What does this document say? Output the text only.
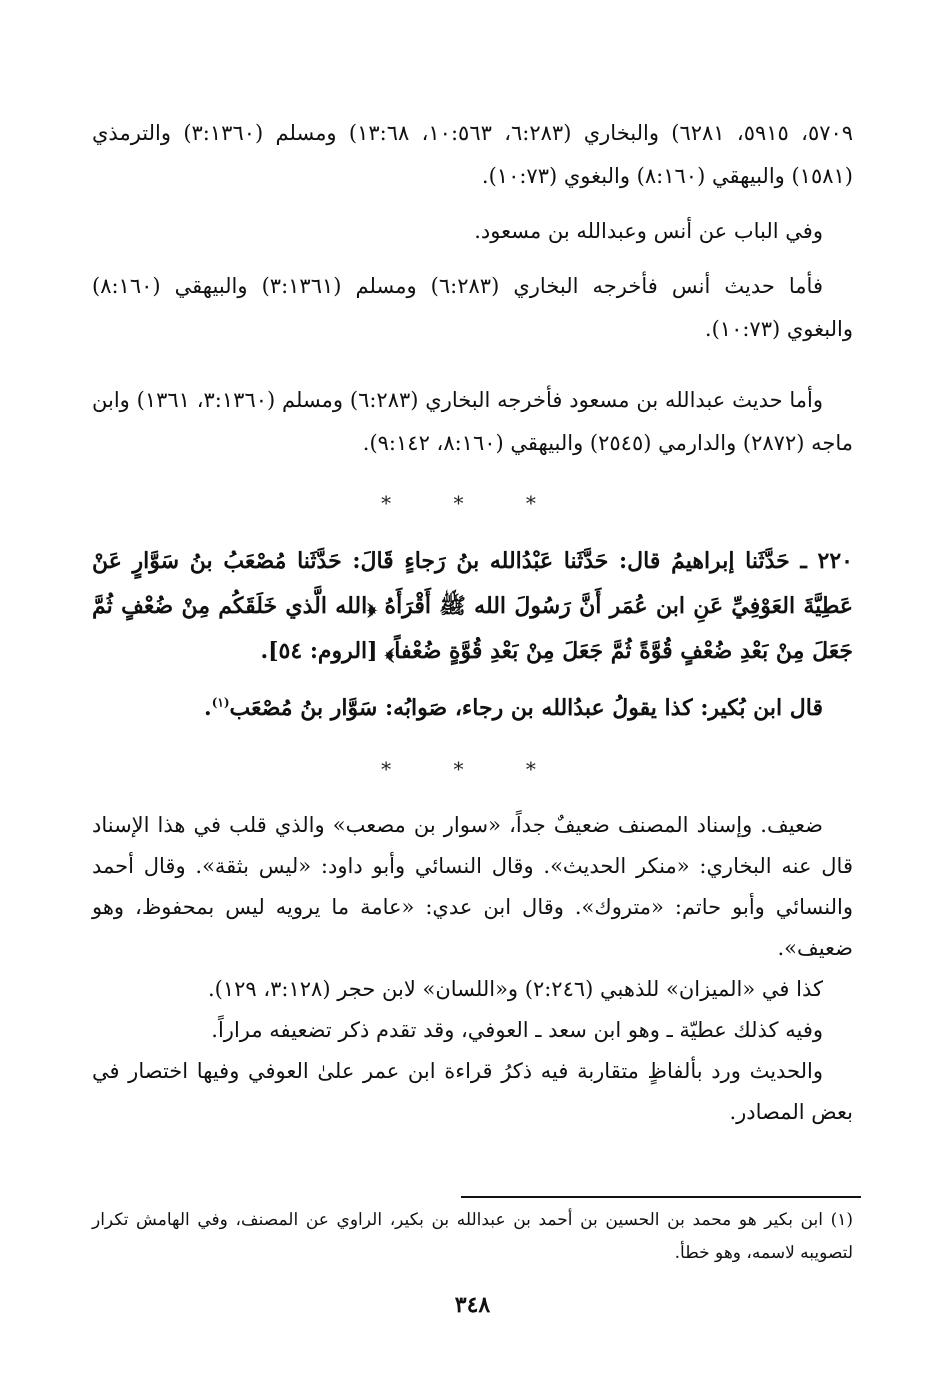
٥٧٠٩، ٥٩١٥، ٦٢٨١) والبخاري (٦:٢٨٣، ١٠:٥٦٣، ١٣:٦٨) ومسلم (٣:١٣٦٠) والترمذي (١٥٨١) والبيهقي (٨:١٦٠) والبغوي (١٠:٧٣).

وفي الباب عن أنس وعبدالله بن مسعود.

فأما حديث أنس فأخرجه البخاري (٦:٢٨٣) ومسلم (٣:١٣٦١) والبيهقي (٨:١٦٠) والبغوي (١٠:٧٣).

وأما حديث عبدالله بن مسعود فأخرجه البخاري (٦:٢٨٣) ومسلم (٣:١٣٦٠، ١٣٦١) وابن ماجه (٢٨٧٢) والدارمي (٢٥٤٥) والبيهقي (٨:١٦٠، ٩:١٤٢).

* * *

٢٢٠ ـ حَدَّثَنا إبراهيمُ قال: حَدَّثَنا عَبْدُالله بنُ رَجاءٍ قَالَ: حَدَّثَنا مُصْعَبُ بنُ سَوَّارٍ عَنْ عَطِيَّةَ العَوْفِيِّ عَنِ ابن عُمَر أَنَّ رَسُولَ الله ﷺ أَقْرَأَهُ ﴿الله الَّذي خَلَقَكُم مِنْ ضُعْفٍ ثُمَّ جَعَلَ مِنْ بَعْدِ ضُعْفٍ قُوَّةً ثُمَّ جَعَلَ مِنْ بَعْدِ قُوَّةٍ ضُعْفاً﴾ [الروم: ٥٤].

قال ابن بُكير: كذا يقولُ عبدُالله بن رجاء، صَوابُه: سَوَّار بنُ مُصْعَب$^{(١)}$.

* * *

ضعيف. وإسناد المصنف ضعيفٌ جداً، «سوار بن مصعب» والذي قلب في هذا الإسناد قال عنه البخاري: «منكر الحديث». وقال النسائي وأبو داود: «ليس بثقة». وقال أحمد والنسائي وأبو حاتم: «متروك». وقال ابن عدي: «عامة ما يرويه ليس بمحفوظ، وهو ضعيف».

كذا في «الميزان» للذهبي (٢:٢٤٦) و«اللسان» لابن حجر (٣:١٢٨، ١٢٩).

وفيه كذلك عطيّة ـ وهو ابن سعد ـ العوفي، وقد تقدم ذكر تضعيفه مراراً.

والحديث ورد بألفاظٍ متقاربة فيه ذكرُ قراءة ابن عمر علىٰ العوفي وفيها اختصار في بعض المصادر.

(١) ابن بكير هو محمد بن الحسين بن أحمد بن عبدالله بن بكير، الراوي عن المصنف، وفي الهامش تكرار لتصويبه لاسمه، وهو خطأ.

٣٤٨
